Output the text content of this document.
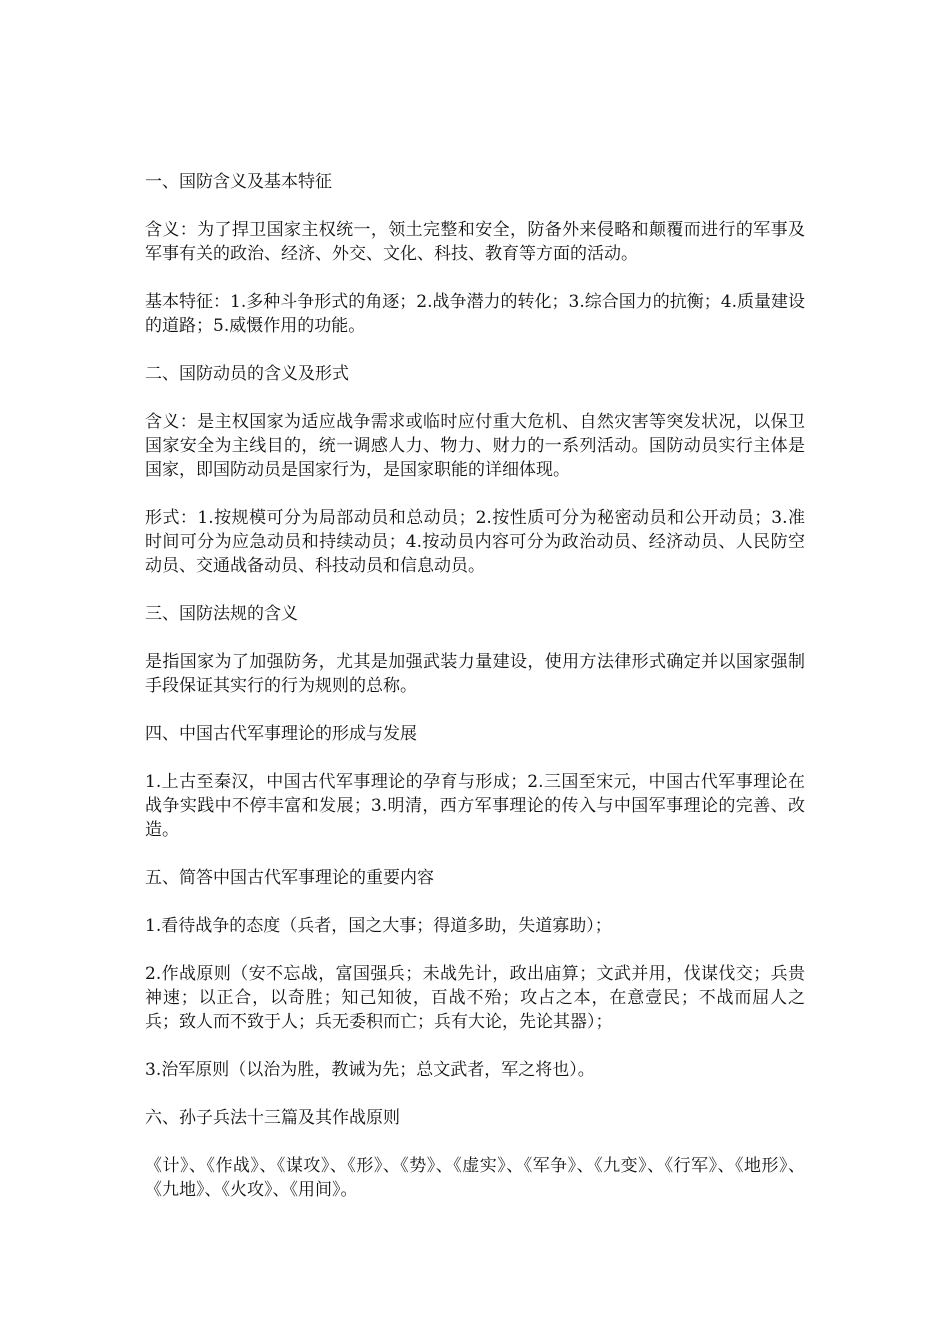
一、国防含义及基本特征
含义：为了捍卫国家主权统一，领土完整和安全，防备外来侵略和颠覆而进行的军事及军事有关的政治、经济、外交、文化、科技、教育等方面的活动。
基本特征：1.多种斗争形式的角逐；2.战争潜力的转化；3.综合国力的抗衡；4.质量建设的道路；5.威慑作用的功能。
二、国防动员的含义及形式
含义：是主权国家为适应战争需求或临时应付重大危机、自然灾害等突发状况，以保卫国家安全为主线目的，统一调感人力、物力、财力的一系列活动。国防动员实行主体是国家，即国防动员是国家行为，是国家职能的详细体现。
形式：1.按规模可分为局部动员和总动员；2.按性质可分为秘密动员和公开动员；3.准时间可分为应急动员和持续动员；4.按动员内容可分为政治动员、经济动员、人民防空动员、交通战备动员、科技动员和信息动员。
三、国防法规的含义
是指国家为了加强防务，尤其是加强武装力量建设，使用方法律形式确定并以国家强制手段保证其实行的行为规则的总称。
四、中国古代军事理论的形成与发展
1.上古至秦汉，中国古代军事理论的孕育与形成；2.三国至宋元，中国古代军事理论在战争实践中不停丰富和发展；3.明清，西方军事理论的传入与中国军事理论的完善、改造。
五、简答中国古代军事理论的重要内容
1.看待战争的态度（兵者，国之大事；得道多助，失道寡助）；
2.作战原则（安不忘战，富国强兵；未战先计，政出庙算；文武并用，伐谋伐交；兵贵神速；以正合，以奇胜；知己知彼，百战不殆；攻占之本，在意壹民；不战而屈人之兵；致人而不致于人；兵无委积而亡；兵有大论，先论其器）；
3.治军原则（以治为胜，教诫为先；总文武者，军之将也）。
六、孙子兵法十三篇及其作战原则
《计》、《作战》、《谋攻》、《形》、《势》、《虚实》、《军争》、《九变》、《行军》、《地形》、《九地》、《火攻》、《用间》。
